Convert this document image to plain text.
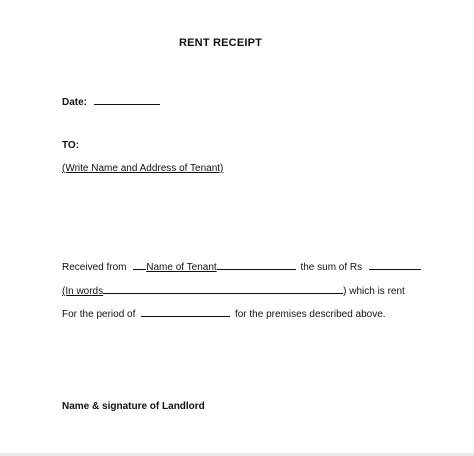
RENT RECEIPT
Date:
TO:
(Write Name and Address of Tenant)
Received from Name of Tenant	the sum of Rs
(In words	) which is rent
For the period of	for the premises described above.
Name & signature of Landlord
